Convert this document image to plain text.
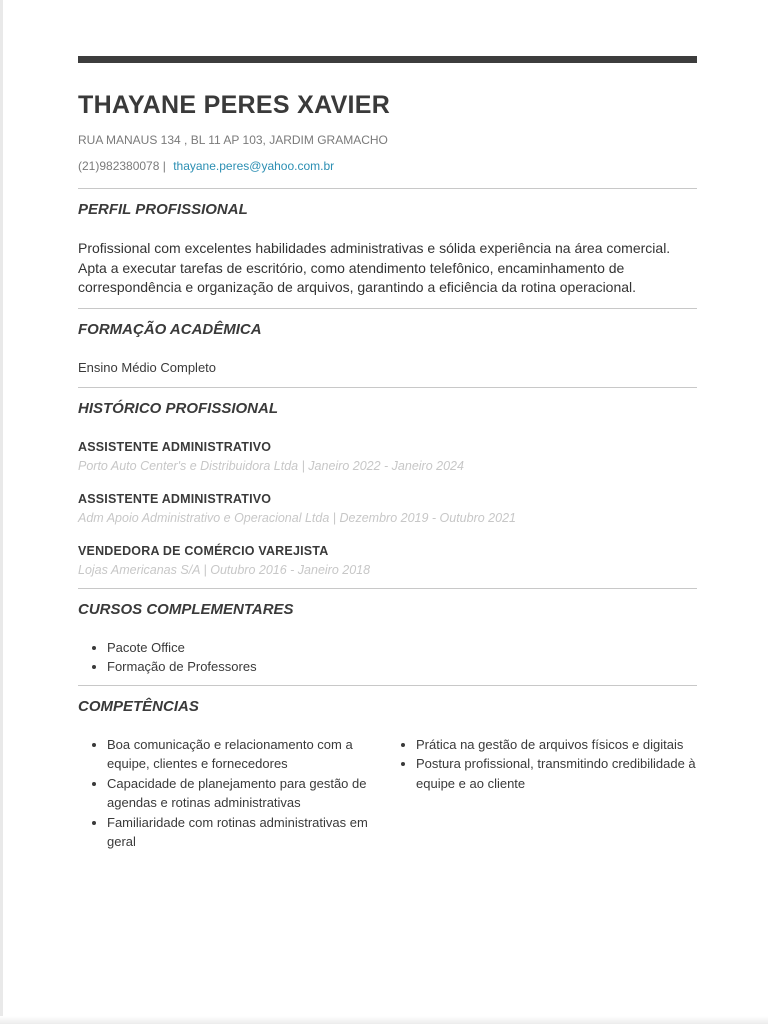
THAYANE PERES XAVIER
RUA MANAUS 134 , BL 11 AP 103, JARDIM GRAMACHO
(21)982380078 | thayane.peres@yahoo.com.br
PERFIL PROFISSIONAL
Profissional com excelentes habilidades administrativas e sólida experiência na área comercial. Apta a executar tarefas de escritório, como atendimento telefônico, encaminhamento de correspondência e organização de arquivos, garantindo a eficiência da rotina operacional.
FORMAÇÃO ACADÊMICA
Ensino Médio Completo
HISTÓRICO PROFISSIONAL
ASSISTENTE ADMINISTRATIVO
Porto Auto Center's e Distribuidora Ltda | Janeiro 2022 - Janeiro 2024
ASSISTENTE ADMINISTRATIVO
Adm Apoio Administrativo e Operacional Ltda | Dezembro 2019 - Outubro 2021
VENDEDORA DE COMÉRCIO VAREJISTA
Lojas Americanas S/A | Outubro 2016 - Janeiro 2018
CURSOS COMPLEMENTARES
• Pacote Office
• Formação de Professores
COMPETÊNCIAS
• Boa comunicação e relacionamento com a equipe, clientes e fornecedores
• Capacidade de planejamento para gestão de agendas e rotinas administrativas
• Familiaridade com rotinas administrativas em geral
• Prática na gestão de arquivos físicos e digitais
• Postura profissional, transmitindo credibilidade à equipe e ao cliente
